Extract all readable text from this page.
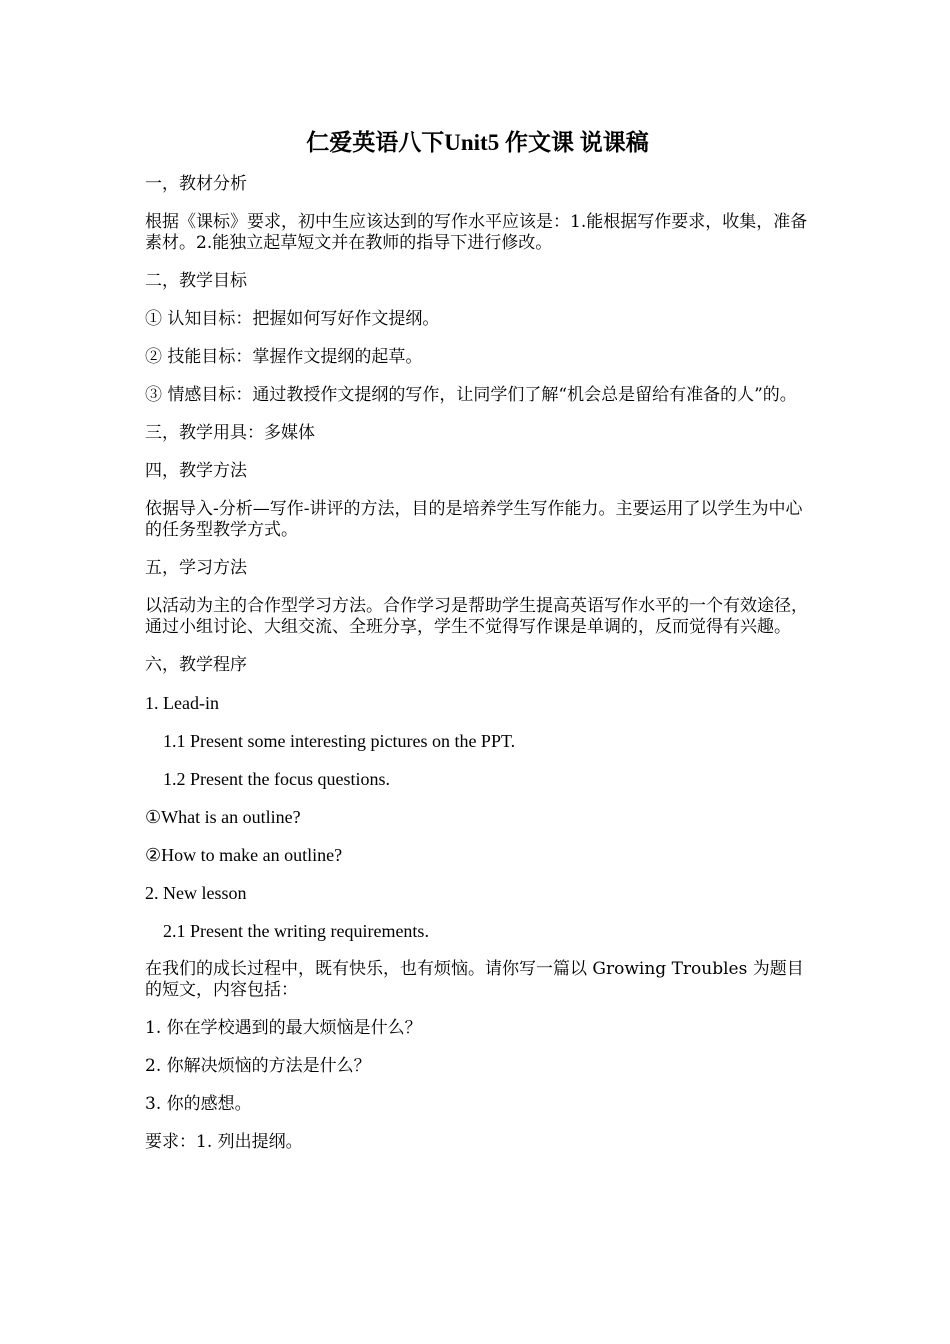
仁爱英语八下Unit5 作文课 说课稿
一，教材分析
根据《课标》要求，初中生应该达到的写作水平应该是：1.能根据写作要求，收集，准备素材。2.能独立起草短文并在教师的指导下进行修改。
二，教学目标
① 认知目标：把握如何写好作文提纲。
② 技能目标：掌握作文提纲的起草。
③ 情感目标：通过教授作文提纲的写作，让同学们了解“机会总是留给有准备的人”的。
三，教学用具：多媒体
四，教学方法
依据导入-分析—写作-讲评的方法，目的是培养学生写作能力。主要运用了以学生为中心的任务型教学方式。
五，学习方法
以活动为主的合作型学习方法。合作学习是帮助学生提高英语写作水平的一个有效途径，通过小组讨论、大组交流、全班分享，学生不觉得写作课是单调的，反而觉得有兴趣。
六，教学程序
1. Lead-in
1.1 Present some interesting pictures on the PPT.
1.2 Present the focus questions.
①What is an outline?
②How to make an outline?
2. New lesson
2.1 Present the writing requirements.
在我们的成长过程中，既有快乐，也有烦恼。请你写一篇以 Growing Troubles 为题目的短文，内容包括：
1. 你在学校遇到的最大烦恼是什么？
2. 你解决烦恼的方法是什么？
3. 你的感想。
要求：1. 列出提纲。
